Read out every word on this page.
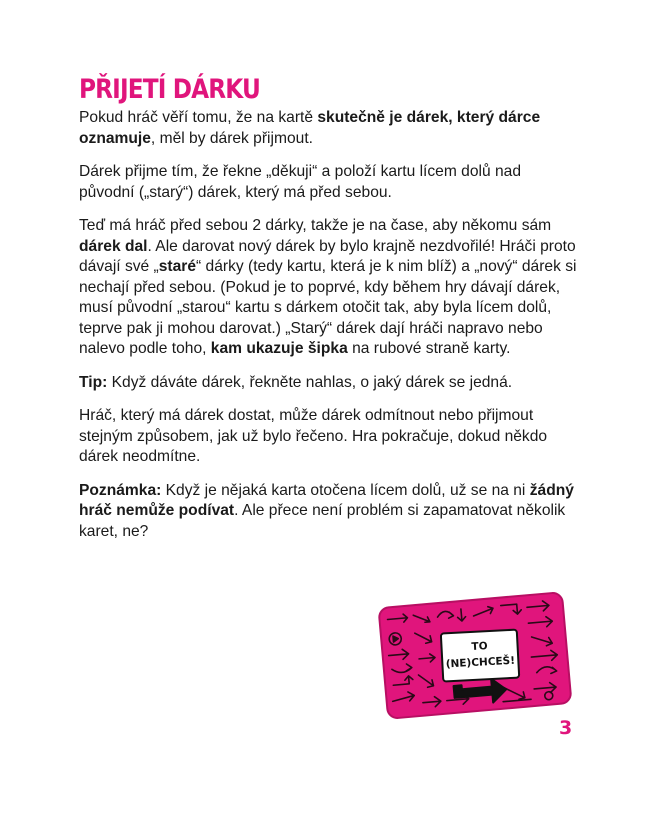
PŘIJETÍ DÁRKU

Pokud hráč věří tomu, že na kartě skutečně je dárek, který dárce oznamuje, měl by dárek přijmout.

Dárek přijme tím, že řekne „děkuji“ a položí kartu lícem dolů nad původní („starý“) dárek, který má před sebou.

Teď má hráč před sebou 2 dárky, takže je na čase, aby někomu sám dárek dal. Ale darovat nový dárek by bylo krajně nezdvořilé! Hráči proto dávají své „staré“ dárky (tedy kartu, která je k nim blíž) a „nový“ dárek si nechají před sebou. (Pokud je to poprvé, kdy během hry dávají dárek, musí původní „starou“ kartu s dárkem otočit tak, aby byla lícem dolů, teprve pak ji mohou darovat.) „Starý“ dárek dají hráči napravo nebo nalevo podle toho, kam ukazuje šipka na rubové straně karty.

Tip: Když dáváte dárek, řekněte nahlas, o jaký dárek se jedná.

Hráč, který má dárek dostat, může dárek odmítnout nebo přijmout stejným způsobem, jak už bylo řečeno. Hra pokračuje, dokud někdo dárek neodmítne.

Poznámka: Když je nějaká karta otočena lícem dolů, už se na ni žádný hráč nemůže podívat. Ale přece není problém si zapamatovat několik karet, ne?

TO
(NE)CHCEŠ!
3
